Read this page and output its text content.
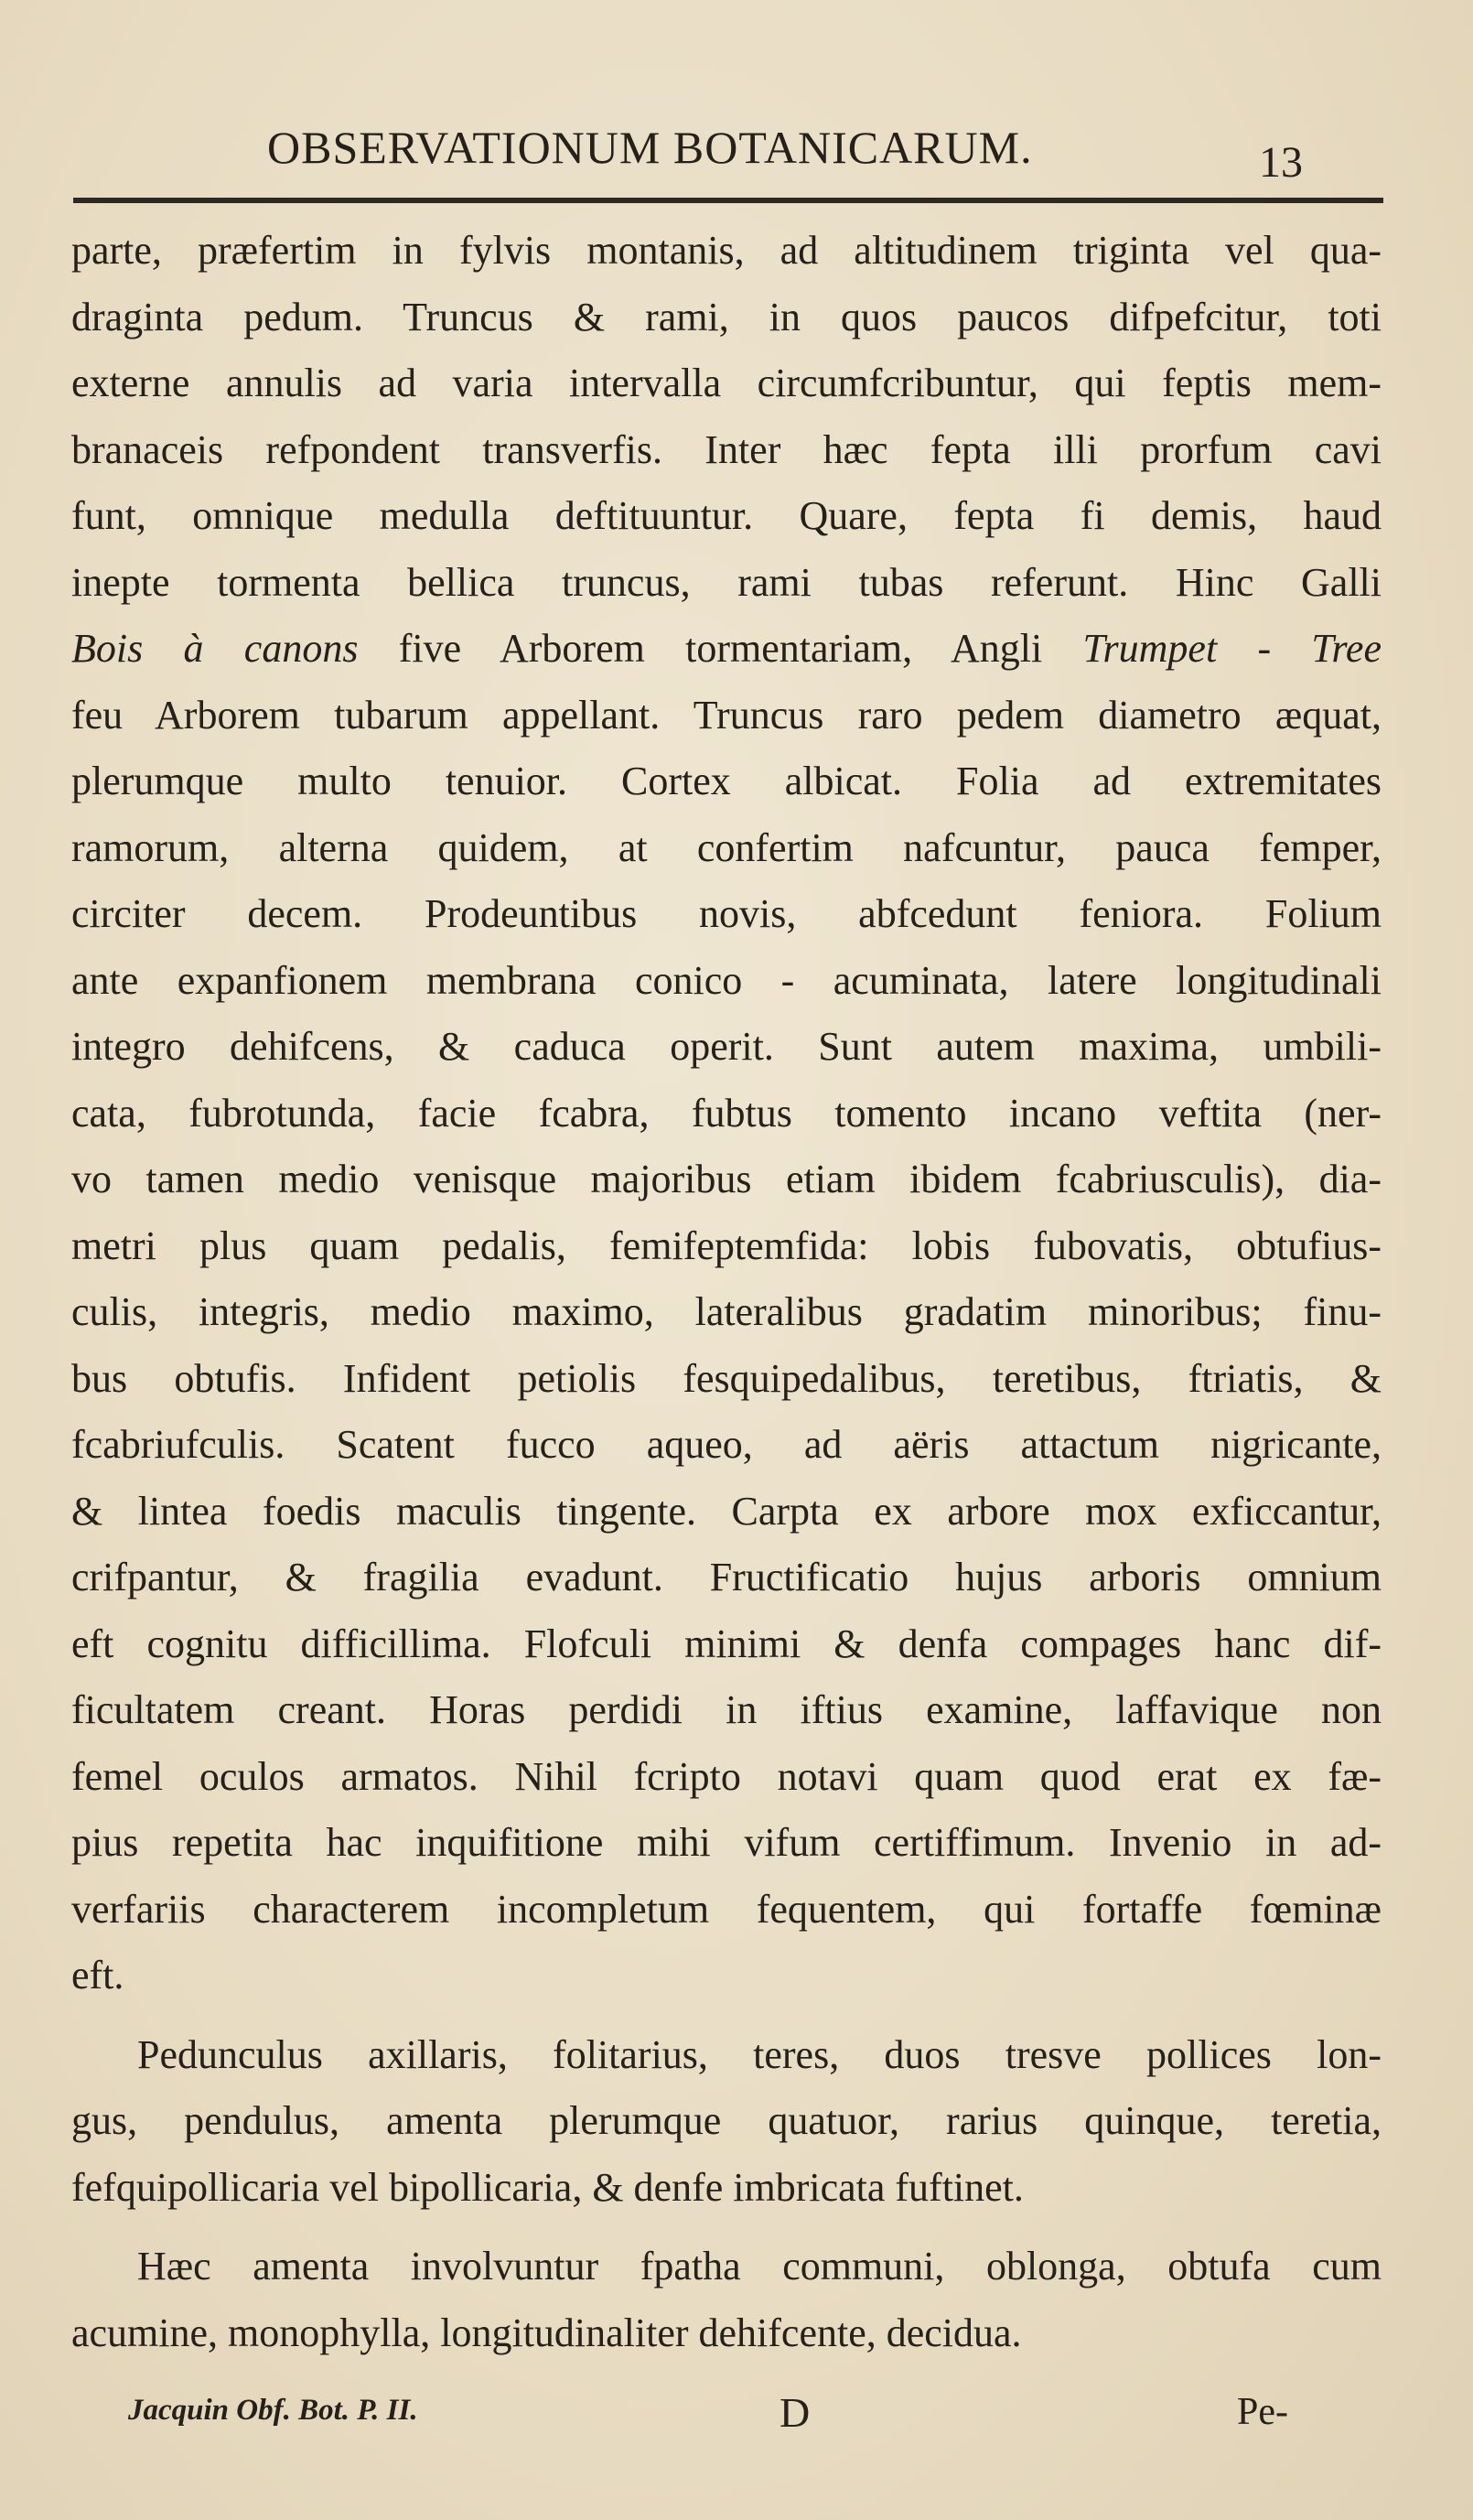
OBSERVATIONUM BOTANICARUM.	13

parte, præfertim in fylvis montanis, ad altitudinem triginta vel qua-

draginta pedum. Truncus & rami, in quos paucos difpefcitur, toti

externe annulis ad varia intervalla circumfcribuntur, qui feptis mem-

branaceis refpondent transverfis. Inter hæc fepta illi prorfum cavi

funt, omnique medulla deftituuntur. Quare, fepta fi demis, haud

inepte tormenta bellica truncus, rami tubas referunt. Hinc Galli

Bois à canons five Arborem tormentariam, Angli Trumpet - Tree

feu Arborem tubarum appellant. Truncus raro pedem diametro æquat,

plerumque multo tenuior. Cortex albicat. Folia ad extremitates

ramorum, alterna quidem, at confertim nafcuntur, pauca femper,

circiter decem. Prodeuntibus novis, abfcedunt feniora. Folium

ante expanfionem membrana conico - acuminata, latere longitudinali

integro dehifcens, & caduca operit. Sunt autem maxima, umbili-

cata, fubrotunda, facie fcabra, fubtus tomento incano veftita (ner-

vo tamen medio venisque majoribus etiam ibidem fcabriusculis), dia-

metri plus quam pedalis, femifeptemfida: lobis fubovatis, obtufius-

culis, integris, medio maximo, lateralibus gradatim minoribus; finu-

bus obtufis. Infident petiolis fesquipedalibus, teretibus, ftriatis, &

fcabriufculis. Scatent fucco aqueo, ad aëris attactum nigricante,

& lintea foedis maculis tingente. Carpta ex arbore mox exficcantur,

crifpantur, & fragilia evadunt. Fructificatio hujus arboris omnium

eft cognitu difficillima. Flofculi minimi & denfa compages hanc dif-

ficultatem creant. Horas perdidi in iftius examine, laffavique non

femel oculos armatos. Nihil fcripto notavi quam quod erat ex fæ-

pius repetita hac inquifitione mihi vifum certiffimum. Invenio in ad-

verfariis characterem incompletum fequentem, qui fortaffe fœminæ

eft.

Pedunculus axillaris, folitarius, teres, duos tresve pollices lon-

gus, pendulus, amenta plerumque quatuor, rarius quinque, teretia,

fefquipollicaria vel bipollicaria, & denfe imbricata fuftinet.

Hæc amenta involvuntur fpatha communi, oblonga, obtufa cum

acumine, monophylla, longitudinaliter dehifcente, decidua.

Jacquin Obf. Bot. P. II.	D	Pe-
